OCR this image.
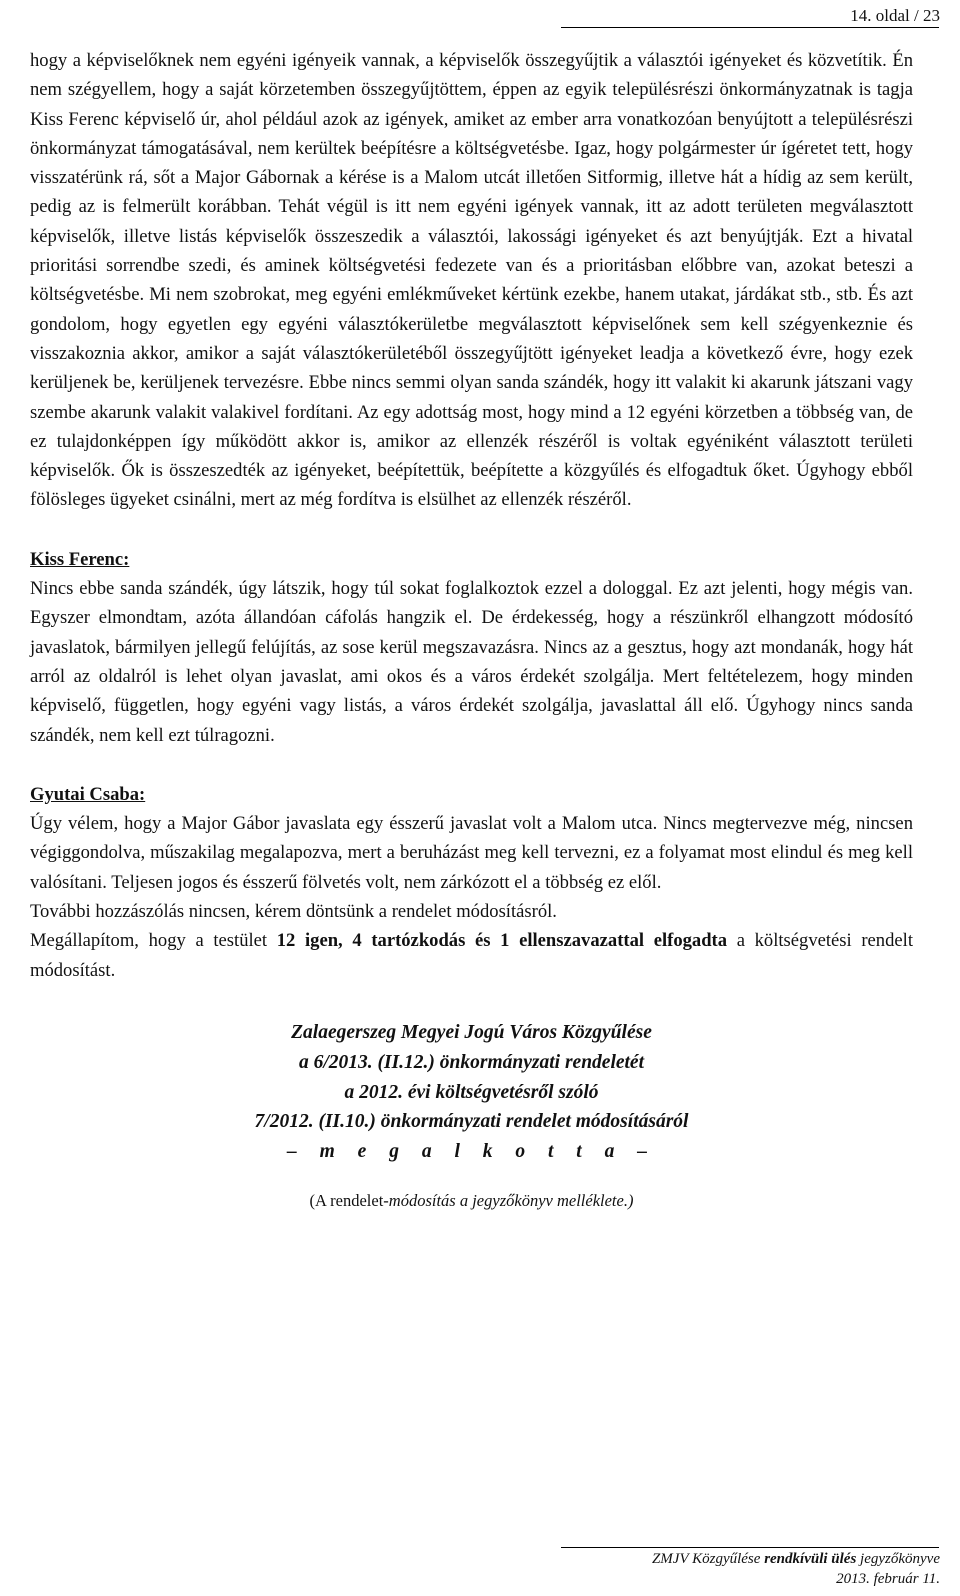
14. oldal / 23

hogy a képviselőknek nem egyéni igényeik vannak, a képviselők összegyűjtik a választói igényeket és közvetítik. Én nem szégyellem, hogy a saját körzetemben összegyűjtöttem, éppen az egyik településrészi önkormányzatnak is tagja Kiss Ferenc képviselő úr, ahol például azok az igények, amiket az ember arra vonatkozóan benyújtott a településrészi önkormányzat támogatásával, nem kerültek beépítésre a költségvetésbe. Igaz, hogy polgármester úr ígéretet tett, hogy visszatérünk rá, sőt a Major Gábornak a kérése is a Malom utcát illetően Sitformig, illetve hát a hídig az sem került, pedig az is felmerült korábban. Tehát végül is itt nem egyéni igények vannak, itt az adott területen megválasztott képviselők, illetve listás képviselők összeszedik a választói, lakossági igényeket és azt benyújtják. Ezt a hivatal prioritási sorrendbe szedi, és aminek költségvetési fedezete van és a prioritásban előbbre van, azokat beteszi a költségvetésbe. Mi nem szobrokat, meg egyéni emlékműveket kértünk ezekbe, hanem utakat, járdákat stb., stb. És azt gondolom, hogy egyetlen egy egyéni választókerületbe megválasztott képviselőnek sem kell szégyenkeznie és visszakoznia akkor, amikor a saját választókerületéből összegyűjtött igényeket leadja a következő évre, hogy ezek kerüljenek be, kerüljenek tervezésre. Ebbe nincs semmi olyan sanda szándék, hogy itt valakit ki akarunk játszani vagy szembe akarunk valakit valakivel fordítani. Az egy adottság most, hogy mind a 12 egyéni körzetben a többség van, de ez tulajdonképpen így működött akkor is, amikor az ellenzék részéről is voltak egyéniként választott területi képviselők. Ők is összeszedték az igényeket, beépítettük, beépítette a közgyűlés és elfogadtuk őket. Úgyhogy ebből fölösleges ügyeket csinálni, mert az még fordítva is elsülhet az ellenzék részéről.

Kiss Ferenc:

Nincs ebbe sanda szándék, úgy látszik, hogy túl sokat foglalkoztok ezzel a dologgal. Ez azt jelenti, hogy mégis van. Egyszer elmondtam, azóta állandóan cáfolás hangzik el. De érdekesség, hogy a részünkről elhangzott módosító javaslatok, bármilyen jellegű felújítás, az sose kerül megszavazásra. Nincs az a gesztus, hogy azt mondanák, hogy hát arról az oldalról is lehet olyan javaslat, ami okos és a város érdekét szolgálja. Mert feltételezem, hogy minden képviselő, független, hogy egyéni vagy listás, a város érdekét szolgálja, javaslattal áll elő. Úgyhogy nincs sanda szándék, nem kell ezt túlragozni.

Gyutai Csaba:

Úgy vélem, hogy a Major Gábor javaslata egy ésszerű javaslat volt a Malom utca. Nincs megtervezve még, nincsen végiggondolva, műszakilag megalapozva, mert a beruházást meg kell tervezni, ez a folyamat most elindul és meg kell valósítani. Teljesen jogos és ésszerű fölvetés volt, nem zárkózott el a többség ez elől.

További hozzászólás nincsen, kérem döntsünk a rendelet módosításról.

Megállapítom, hogy a testület 12 igen, 4 tartózkodás és 1 ellenszavazattal elfogadta a költségvetési rendelt módosítást.

Zalaegerszeg Megyei Jogú Város Közgyűlése
a 6/2013. (II.12.) önkormányzati rendeletét
a 2012. évi költségvetésről szóló
7/2012. (II.10.) önkormányzati rendelet módosításáról
– m e g a l k o t t a –
(A rendelet-módosítás a jegyzőkönyv melléklete.)
ZMJV Közgyűlése rendkívüli ülés jegyzőkönyve
2013. február 11.
